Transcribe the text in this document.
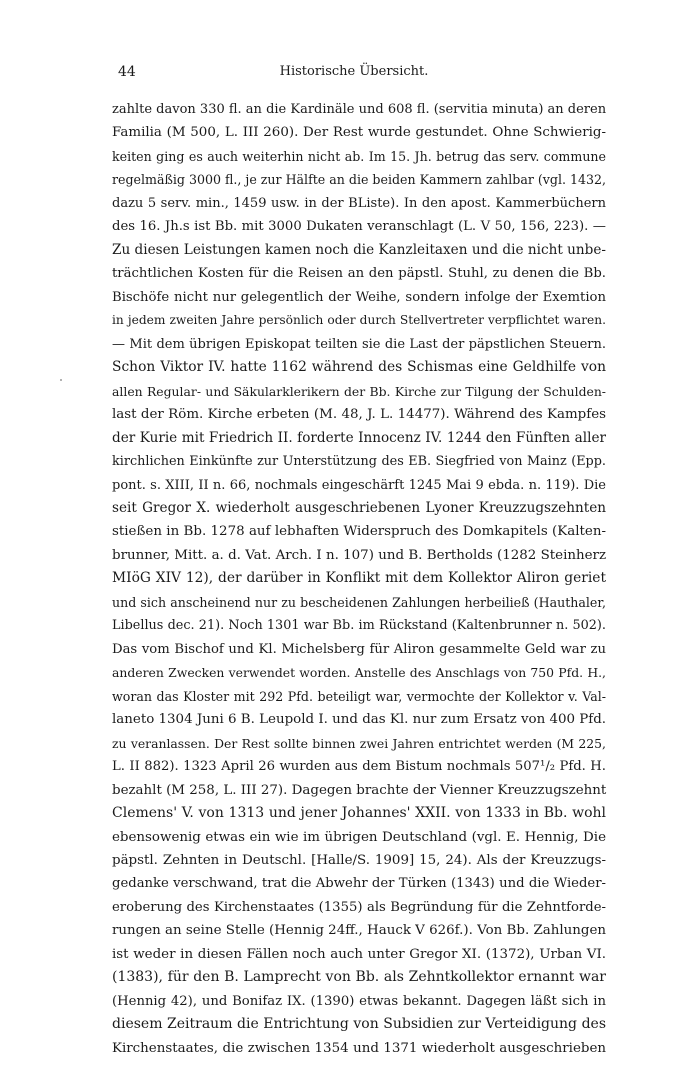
44	Historische Übersicht.
zahlte davon 330 fl. an die Kardinäle und 608 fl. (servitia minuta) an deren
Familia (M 500, L. III 260). Der Rest wurde gestundet. Ohne Schwierig-
keiten ging es auch weiterhin nicht ab. Im 15. Jh. betrug das serv. commune
regelmäßig 3000 fl., je zur Hälfte an die beiden Kammern zahlbar (vgl. 1432,
dazu 5 serv. min., 1459 usw. in der BListe). In den apost. Kammerbüchern
des 16. Jh.s ist Bb. mit 3000 Dukaten veranschlagt (L. V 50, 156, 223). —
Zu diesen Leistungen kamen noch die Kanzleitaxen und die nicht unbe-
trächtlichen Kosten für die Reisen an den päpstl. Stuhl, zu denen die Bb.
Bischöfe nicht nur gelegentlich der Weihe, sondern infolge der Exemtion
in jedem zweiten Jahre persönlich oder durch Stellvertreter verpflichtet waren.
— Mit dem übrigen Episkopat teilten sie die Last der päpstlichen Steuern.
Schon Viktor IV. hatte 1162 während des Schismas eine Geldhilfe von
allen Regular- und Säkularklerikern der Bb. Kirche zur Tilgung der Schulden-
last der Röm. Kirche erbeten (M. 48, J. L. 14477). Während des Kampfes
der Kurie mit Friedrich II. forderte Innocenz IV. 1244 den Fünften aller
kirchlichen Einkünfte zur Unterstützung des EB. Siegfried von Mainz (Epp.
pont. s. XIII, II n. 66, nochmals eingeschärft 1245 Mai 9 ebda. n. 119). Die
seit Gregor X. wiederholt ausgeschriebenen Lyoner Kreuzzugszehnten
stießen in Bb. 1278 auf lebhaften Widerspruch des Domkapitels (Kalten-
brunner, Mitt. a. d. Vat. Arch. I n. 107) und B. Bertholds (1282 Steinherz
MIöG XIV 12), der darüber in Konflikt mit dem Kollektor Aliron geriet
und sich anscheinend nur zu bescheidenen Zahlungen herbeiließ (Hauthaler,
Libellus dec. 21). Noch 1301 war Bb. im Rückstand (Kaltenbrunner n. 502).
Das vom Bischof und Kl. Michelsberg für Aliron gesammelte Geld war zu
anderen Zwecken verwendet worden. Anstelle des Anschlags von 750 Pfd. H.,
woran das Kloster mit 292 Pfd. beteiligt war, vermochte der Kollektor v. Val-
laneto 1304 Juni 6 B. Leupold I. und das Kl. nur zum Ersatz von 400 Pfd.
zu veranlassen. Der Rest sollte binnen zwei Jahren entrichtet werden (M 225,
L. II 882). 1323 April 26 wurden aus dem Bistum nochmals 507¹/₂ Pfd. H.
bezahlt (M 258, L. III 27). Dagegen brachte der Vienner Kreuzzugszehnt
Clemens' V. von 1313 und jener Johannes' XXII. von 1333 in Bb. wohl
ebensowenig etwas ein wie im übrigen Deutschland (vgl. E. Hennig, Die
päpstl. Zehnten in Deutschl. [Halle/S. 1909] 15, 24). Als der Kreuzzugs-
gedanke verschwand, trat die Abwehr der Türken (1343) und die Wieder-
eroberung des Kirchenstaates (1355) als Begründung für die Zehntforde-
rungen an seine Stelle (Hennig 24ff., Hauck V 626f.). Von Bb. Zahlungen
ist weder in diesen Fällen noch auch unter Gregor XI. (1372), Urban VI.
(1383), für den B. Lamprecht von Bb. als Zehntkollektor ernannt war
(Hennig 42), und Bonifaz IX. (1390) etwas bekannt. Dagegen läßt sich in
diesem Zeitraum die Entrichtung von Subsidien zur Verteidigung des
Kirchenstaates, die zwischen 1354 und 1371 wiederholt ausgeschrieben
